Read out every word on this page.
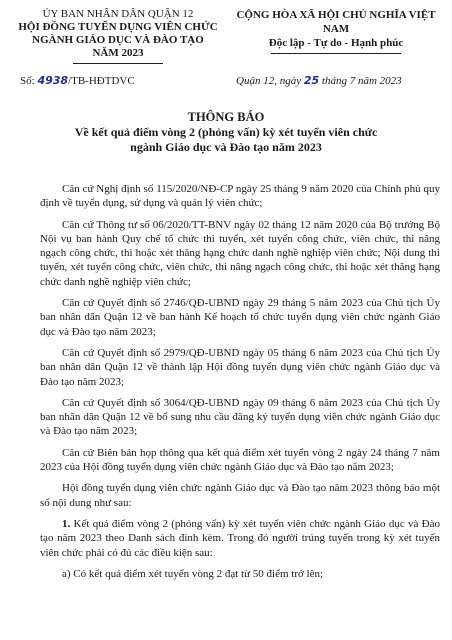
ỦY BAN NHÂN DÂN QUẬN 12
HỘI ĐỒNG TUYỂN DỤNG VIÊN CHỨC
NGÀNH GIÁO DỤC VÀ ĐÀO TẠO
NĂM 2023
CỘNG HÒA XÃ HỘI CHỦ NGHĨA VIỆT NAM
Độc lập - Tự do - Hạnh phúc
Số: 4938/TB-HĐTDVC	Quận 12, ngày 25 tháng 7 năm 2023
THÔNG BÁO
Về kết quả điểm vòng 2 (phỏng vấn) kỳ xét tuyển viên chức
ngành Giáo dục và Đào tạo năm 2023

Căn cứ Nghị định số 115/2020/NĐ-CP ngày 25 tháng 9 năm 2020 của Chính phủ quy định về tuyển dụng, sử dụng và quản lý viên chức;

Căn cứ Thông tư số 06/2020/TT-BNV ngày 02 tháng 12 năm 2020 của Bộ trưởng Bộ Nội vụ ban hành Quy chế tổ chức thi tuyển, xét tuyển công chức, viên chức, thi nâng ngạch công chức, thi hoặc xét thăng hạng chức danh nghề nghiệp viên chức; Nội dung thi tuyển, xét tuyển công chức, viên chức, thi nâng ngạch công chức, thi hoặc xét thăng hạng chức danh nghề nghiệp viên chức;

Căn cứ Quyết định số 2746/QĐ-UBND ngày 29 tháng 5 năm 2023 của Chủ tịch Ủy ban nhân dân Quận 12 về ban hành Kế hoạch tổ chức tuyển dụng viên chức ngành Giáo dục và Đào tạo năm 2023;

Căn cứ Quyết định số 2979/QĐ-UBND ngày 05 tháng 6 năm 2023 của Chủ tịch Ủy ban nhân dân Quận 12 về thành lập Hội đồng tuyển dụng viên chức ngành Giáo dục và Đào tạo năm 2023;

Căn cứ Quyết định số 3064/QĐ-UBND ngày 09 tháng 6 năm 2023 của Chủ tịch Ủy ban nhân dân Quận 12 về bổ sung nhu cầu đăng ký tuyển dụng viên chức ngành Giáo dục và Đào tạo năm 2023;

Căn cứ Biên bản họp thông qua kết quả điểm xét tuyển vòng 2 ngày 24 tháng 7 năm 2023 của Hội đồng tuyển dụng viên chức ngành Giáo dục và Đào tạo năm 2023;

Hội đồng tuyển dụng viên chức ngành Giáo dục và Đào tạo năm 2023 thông báo một số nội dung như sau:

1. Kết quả điểm vòng 2 (phỏng vấn) kỳ xét tuyển viên chức ngành Giáo dục và Đào tạo năm 2023 theo Danh sách đính kèm. Trong đó người trúng tuyển trong kỳ xét tuyển viên chức phải có đủ các điều kiện sau:

a) Có kết quả điểm xét tuyển vòng 2 đạt từ 50 điểm trở lên;
